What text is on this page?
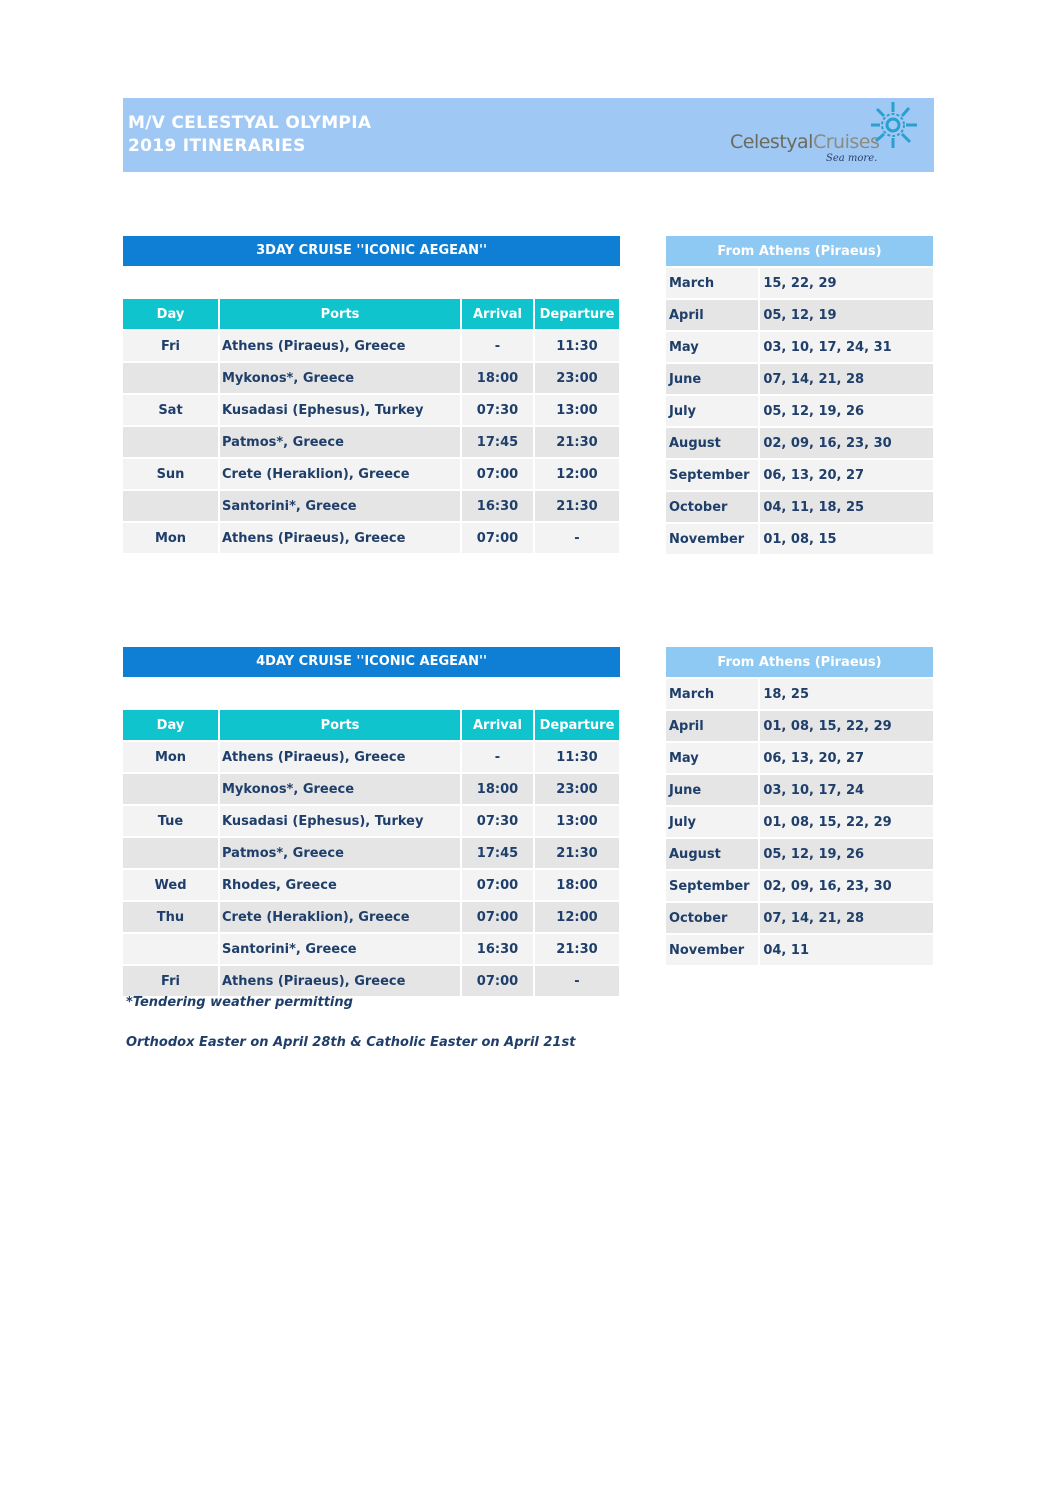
M/V CELESTYAL OLYMPIA
2019 ITINERARIES	CelestyalCruises
Sea more.
3DAY CRUISE ''ICONIC AEGEAN''
Day	Ports	Arrival	Departure
Fri	Athens (Piraeus), Greece	-	11:30
	Mykonos*, Greece	18:00	23:00
Sat	Kusadasi (Ephesus), Turkey	07:30	13:00
	Patmos*, Greece	17:45	21:30
Sun	Crete (Heraklion), Greece	07:00	12:00
	Santorini*, Greece	16:30	21:30
Mon	Athens (Piraeus), Greece	07:00	-
From Athens (Piraeus)	
March	15, 22, 29
April	05, 12, 19
May	03, 10, 17, 24, 31
June	07, 14, 21, 28
July	05, 12, 19, 26
August	02, 09, 16, 23, 30
September	06, 13, 20, 27
October	04, 11, 18, 25
November	01, 08, 15
4DAY CRUISE ''ICONIC AEGEAN''
Day	Ports	Arrival	Departure
Mon	Athens (Piraeus), Greece	-	11:30
	Mykonos*, Greece	18:00	23:00
Tue	Kusadasi (Ephesus), Turkey	07:30	13:00
	Patmos*, Greece	17:45	21:30
Wed	Rhodes, Greece	07:00	18:00
Thu	Crete (Heraklion), Greece	07:00	12:00
	Santorini*, Greece	16:30	21:30
Fri	Athens (Piraeus), Greece	07:00	-
From Athens (Piraeus)	
March	18, 25
April	01, 08, 15, 22, 29
May	06, 13, 20, 27
June	03, 10, 17, 24
July	01, 08, 15, 22, 29
August	05, 12, 19, 26
September	02, 09, 16, 23, 30
October	07, 14, 21, 28
November	04, 11
*Tendering weather permitting
Orthodox Easter on April 28th & Catholic Easter on April 21st
